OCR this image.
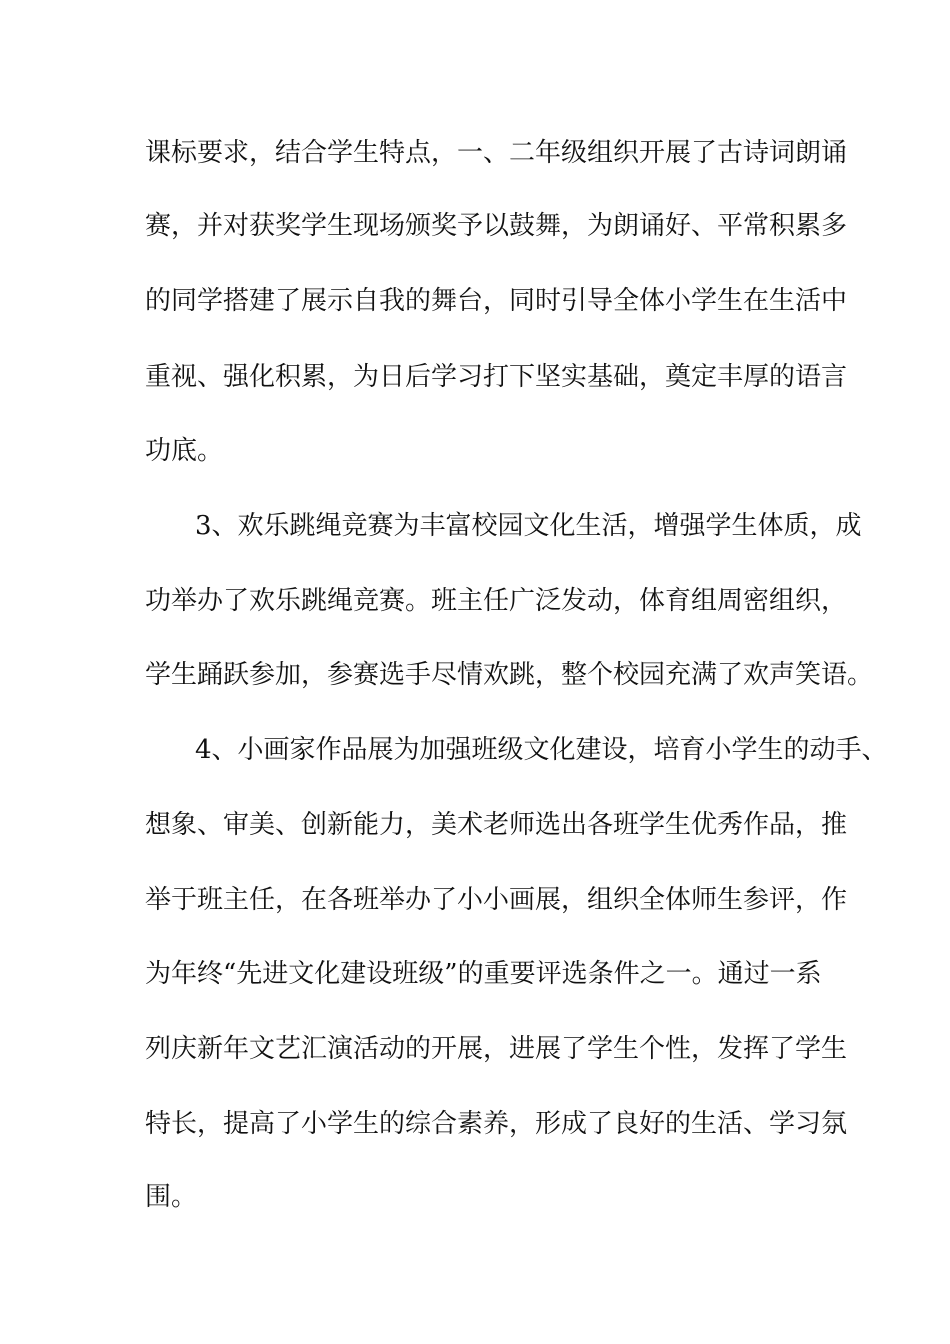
课标要求，结合学生特点，一、二年级组织开展了古诗词朗诵
赛，并对获奖学生现场颁奖予以鼓舞，为朗诵好、平常积累多
的同学搭建了展示自我的舞台，同时引导全体小学生在生活中
重视、强化积累，为日后学习打下坚实基础，奠定丰厚的语言
功底。
3、欢乐跳绳竞赛为丰富校园文化生活，增强学生体质，成
功举办了欢乐跳绳竞赛。班主任广泛发动，体育组周密组织，
学生踊跃参加，参赛选手尽情欢跳，整个校园充满了欢声笑语。
4、小画家作品展为加强班级文化建设，培育小学生的动手、
想象、审美、创新能力，美术老师选出各班学生优秀作品，推
举于班主任，在各班举办了小小画展，组织全体师生参评，作
为年终“先进文化建设班级”的重要评选条件之一。通过一系
列庆新年文艺汇演活动的开展，进展了学生个性，发挥了学生
特长，提高了小学生的综合素养，形成了良好的生活、学习氛
围。
